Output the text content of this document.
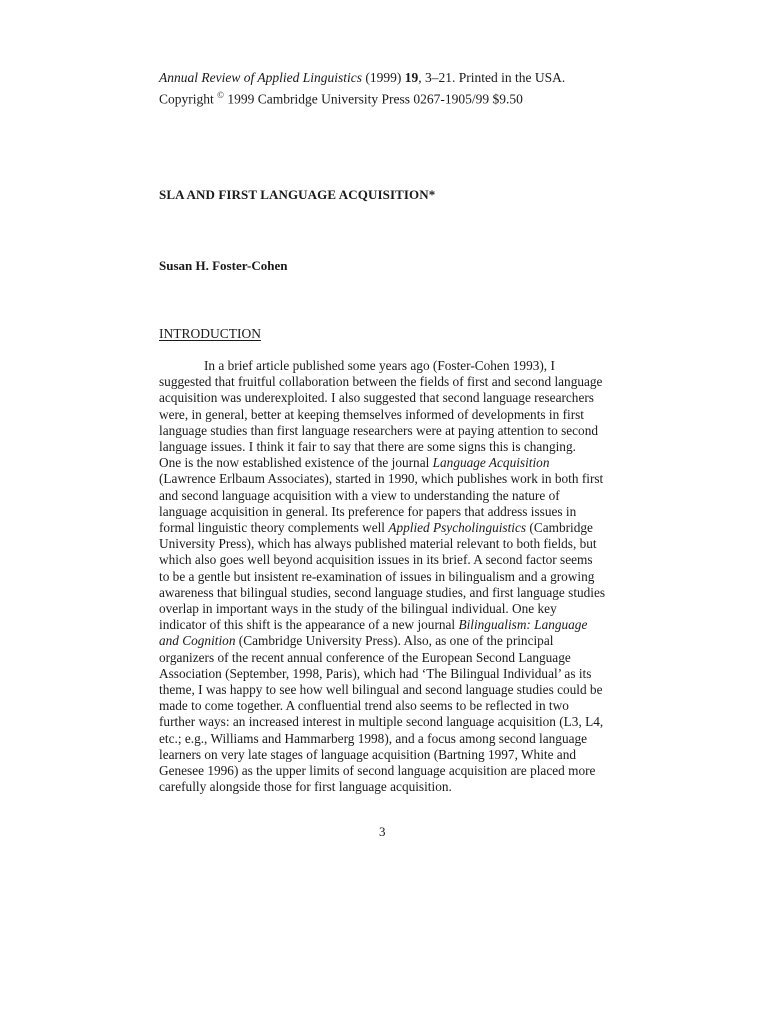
Annual Review of Applied Linguistics (1999) 19, 3–21. Printed in the USA.
Copyright © 1999 Cambridge University Press 0267-1905/99 $9.50
SLA AND FIRST LANGUAGE ACQUISITION*
Susan H. Foster-Cohen
INTRODUCTION
In a brief article published some years ago (Foster-Cohen 1993), I
suggested that fruitful collaboration between the fields of first and second language
acquisition was underexploited. I also suggested that second language researchers
were, in general, better at keeping themselves informed of developments in first
language studies than first language researchers were at paying attention to second
language issues. I think it fair to say that there are some signs this is changing.
One is the now established existence of the journal Language Acquisition
(Lawrence Erlbaum Associates), started in 1990, which publishes work in both first
and second language acquisition with a view to understanding the nature of
language acquisition in general. Its preference for papers that address issues in
formal linguistic theory complements well Applied Psycholinguistics (Cambridge
University Press), which has always published material relevant to both fields, but
which also goes well beyond acquisition issues in its brief. A second factor seems
to be a gentle but insistent re-examination of issues in bilingualism and a growing
awareness that bilingual studies, second language studies, and first language studies
overlap in important ways in the study of the bilingual individual. One key
indicator of this shift is the appearance of a new journal Bilingualism: Language
and Cognition (Cambridge University Press). Also, as one of the principal
organizers of the recent annual conference of the European Second Language
Association (September, 1998, Paris), which had ‘The Bilingual Individual’ as its
theme, I was happy to see how well bilingual and second language studies could be
made to come together. A confluential trend also seems to be reflected in two
further ways: an increased interest in multiple second language acquisition (L3, L4,
etc.; e.g., Williams and Hammarberg 1998), and a focus among second language
learners on very late stages of language acquisition (Bartning 1997, White and
Genesee 1996) as the upper limits of second language acquisition are placed more
carefully alongside those for first language acquisition.
3
